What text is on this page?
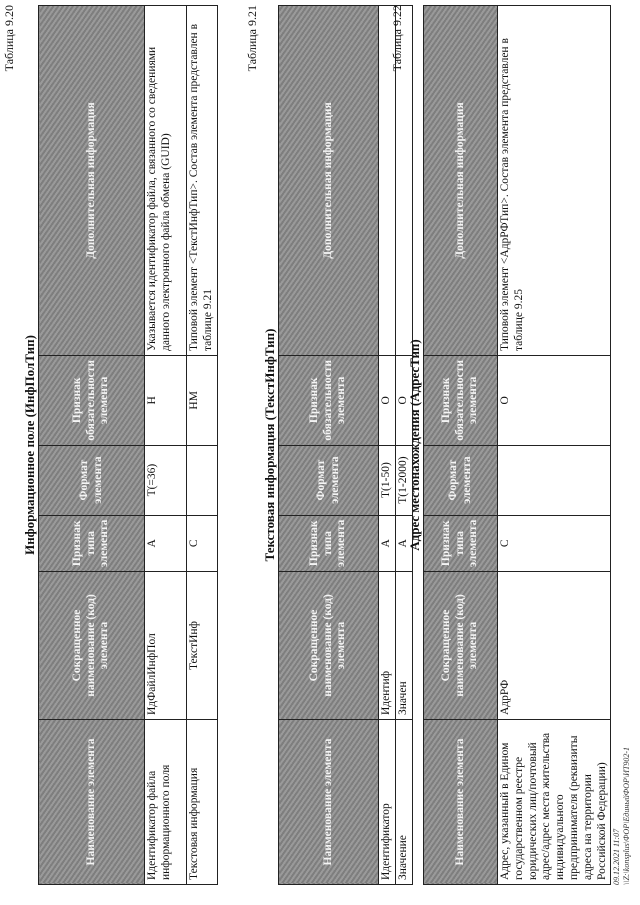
Таблица 9.20
Информационное поле (ИнфПолТип)
Наименование элемента	Сокращенное наименование (код) элемента	Признак типа элемента	Формат элемента	Признак обязательности элемента	Дополнительная информация
Идентификатор файла информационного поля	ИдФайлИнфПол	А	Т(=36)	Н	Указывается идентификатор файла, связанного со сведениями данного электронного файла обмена (GUID)
Текстовая информация	ТекстИнф	С		НМ	Типовой элемент <ТекстИнфТип>. Состав элемента представлен в таблице 9.21
Таблица 9.21
Текстовая информация (ТекстИнфТип)
Наименование элемента	Сокращенное наименование (код) элемента	Признак типа элемента	Формат элемента	Признак обязательности элемента	Дополнительная информация
Идентификатор	Идентиф	А	Т(1-50)	О	
Значение	Значен	А	Т(1-2000)	О	
Таблица 9.22
Адрес местонахождения (АдресТип)
Наименование элемента	Сокращенное наименование (код) элемента	Признак типа элемента	Формат элемента	Признак обязательности элемента	Дополнительная информация
Адрес, указанный в Едином государственном реестре юридических лиц/почтовый адрес/адрес места жительства индивидуального предпринимателя (реквизиты адреса на территории Российской Федерации)	АдрРФ	С		О	Типовой элемент <АдрРФТип>. Состав элемента представлен в таблице 9.25
09.12.2021 11:07 \\Z:\konsplus\ФОР\ЕдиныйФОР\ИТ902-1
